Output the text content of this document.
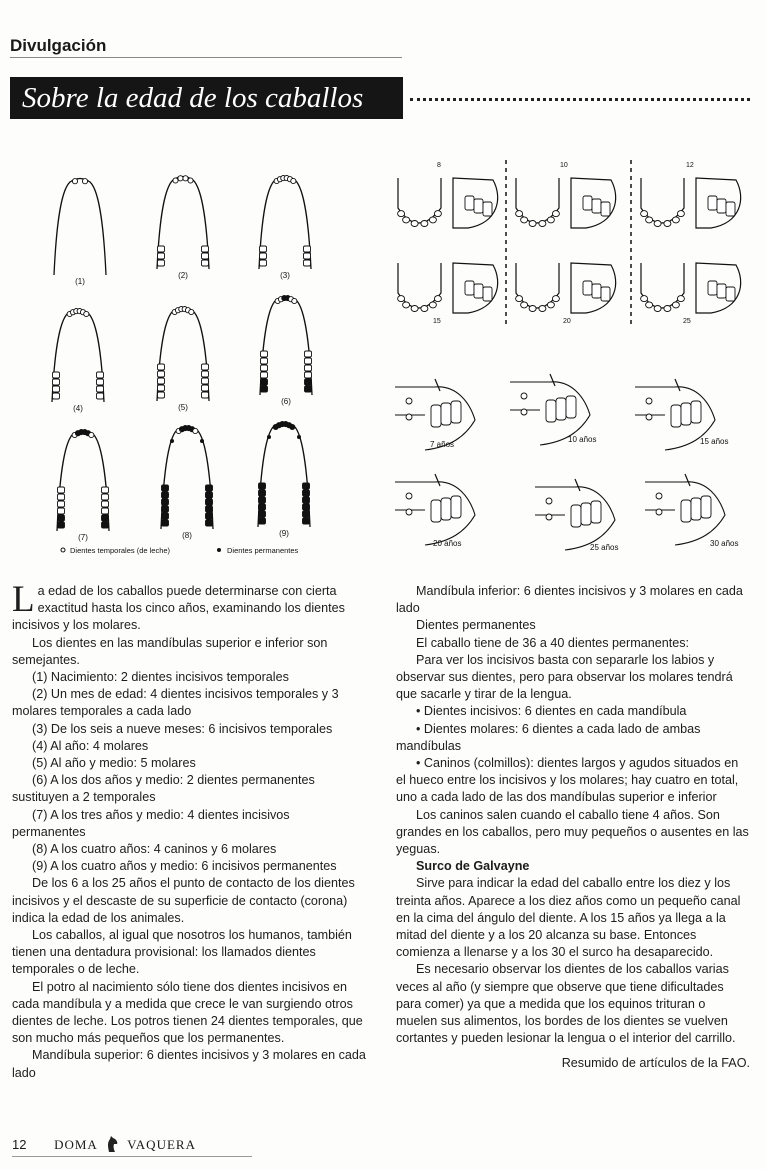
Divulgación
Sobre la edad de los caballos
(1)
(2)	(3)
(4)	(5)
(6)
(7)	(8)	(9)
Dientes temporales (de leche)	Dientes permanentes
8	10	12
15	20	25
7 años
10 años	15 años
20 años	25 años	30 años

La edad de los caballos puede determinarse con cierta exactitud hasta los cinco años, examinando los dientes incisivos y los molares.

Los dientes en las mandíbulas superior e inferior son semejantes.

(1) Nacimiento: 2 dientes incisivos temporales

(2) Un mes de edad: 4 dientes incisivos temporales y 3 molares temporales a cada lado

(3) De los seis a nueve meses: 6 incisivos temporales

(4) Al año: 4 molares

(5) Al año y medio: 5 molares

(6) A los dos años y medio: 2 dientes permanentes sustituyen a 2 temporales

(7) A los tres años y medio: 4 dientes incisivos permanentes

(8) A los cuatro años: 4 caninos y 6 molares

(9) A los cuatro años y medio: 6 incisivos permanentes

De los 6 a los 25 años el punto de contacto de los dientes incisivos y el descaste de su superficie de contacto (corona) indica la edad de los animales.

Los caballos, al igual que nosotros los humanos, también tienen una dentadura provisional: los llamados dientes temporales o de leche.

El potro al nacimiento sólo tiene dos dientes incisivos en cada mandíbula y a medida que crece le van surgiendo otros dientes de leche. Los potros tienen 24 dientes temporales, que son mucho más pequeños que los permanentes.

Mandíbula superior: 6 dientes incisivos y 3 molares en cada lado

Mandíbula inferior: 6 dientes incisivos y 3 molares en cada lado

Dientes permanentes

El caballo tiene de 36 a 40 dientes permanentes:

Para ver los incisivos basta con separarle los labios y observar sus dientes, pero para observar los molares tendrá que sacarle y tirar de la lengua.

• Dientes incisivos: 6 dientes en cada mandíbula

• Dientes molares: 6 dientes a cada lado de ambas mandíbulas

• Caninos (colmillos): dientes largos y agudos situados en el hueco entre los incisivos y los molares; hay cuatro en total, uno a cada lado de las dos mandíbulas superior e inferior

Los caninos salen cuando el caballo tiene 4 años. Son grandes en los caballos, pero muy pequeños o ausentes en las yeguas.

Surco de Galvayne

Sirve para indicar la edad del caballo entre los diez y los treinta años. Aparece a los diez años como un pequeño canal en la cima del ángulo del diente. A los 15 años ya llega a la mitad del diente y a los 20 alcanza su base. Entonces comienza a llenarse y a los 30 el surco ha desaparecido.

Es necesario observar los dientes de los caballos varias veces al año (y siempre que observe que tiene dificultades para comer) ya que a medida que los equinos trituran o muelen sus alimentos, los bordes de los dientes se vuelven cortantes y pueden lesionar la lengua o el interior del carrillo.

Resumido de artículos de la FAO.

12 DOMA VAQUERA
